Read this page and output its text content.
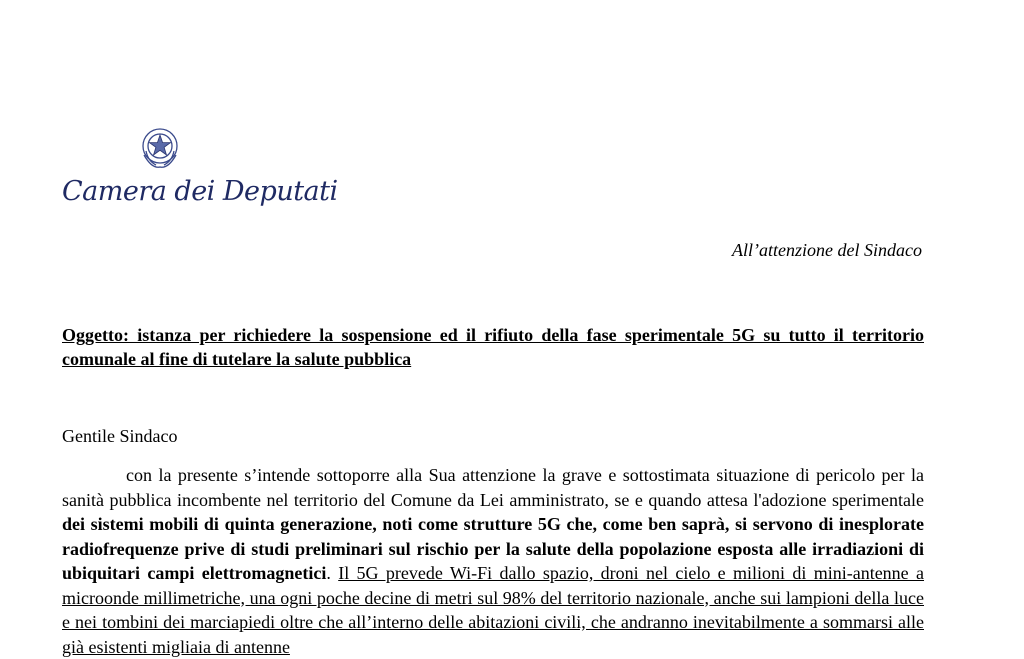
Camera dei Deputati
All’attenzione del Sindaco
Oggetto: istanza per richiedere la sospensione ed il rifiuto della fase sperimentale 5G su tutto il territorio comunale al fine di tutelare la salute pubblica
Gentile Sindaco
con la presente s’intende sottoporre alla Sua attenzione la grave e sottostimata situazione di pericolo per la sanità pubblica incombente nel territorio del Comune da Lei amministrato, se e quando attesa l'adozione sperimentale dei sistemi mobili di quinta generazione, noti come strutture 5G che, come ben saprà, si servono di inesplorate radiofrequenze prive di studi preliminari sul rischio per la salute della popolazione esposta alle irradiazioni di ubiquitari campi elettromagnetici. Il 5G prevede Wi-Fi dallo spazio, droni nel cielo e milioni di mini-antenne a microonde millimetriche, una ogni poche decine di metri sul 98% del territorio nazionale, anche sui lampioni della luce e nei tombini dei marciapiedi oltre che all’interno delle abitazioni civili, che andranno inevitabilmente a sommarsi alle già esistenti migliaia di antenne
